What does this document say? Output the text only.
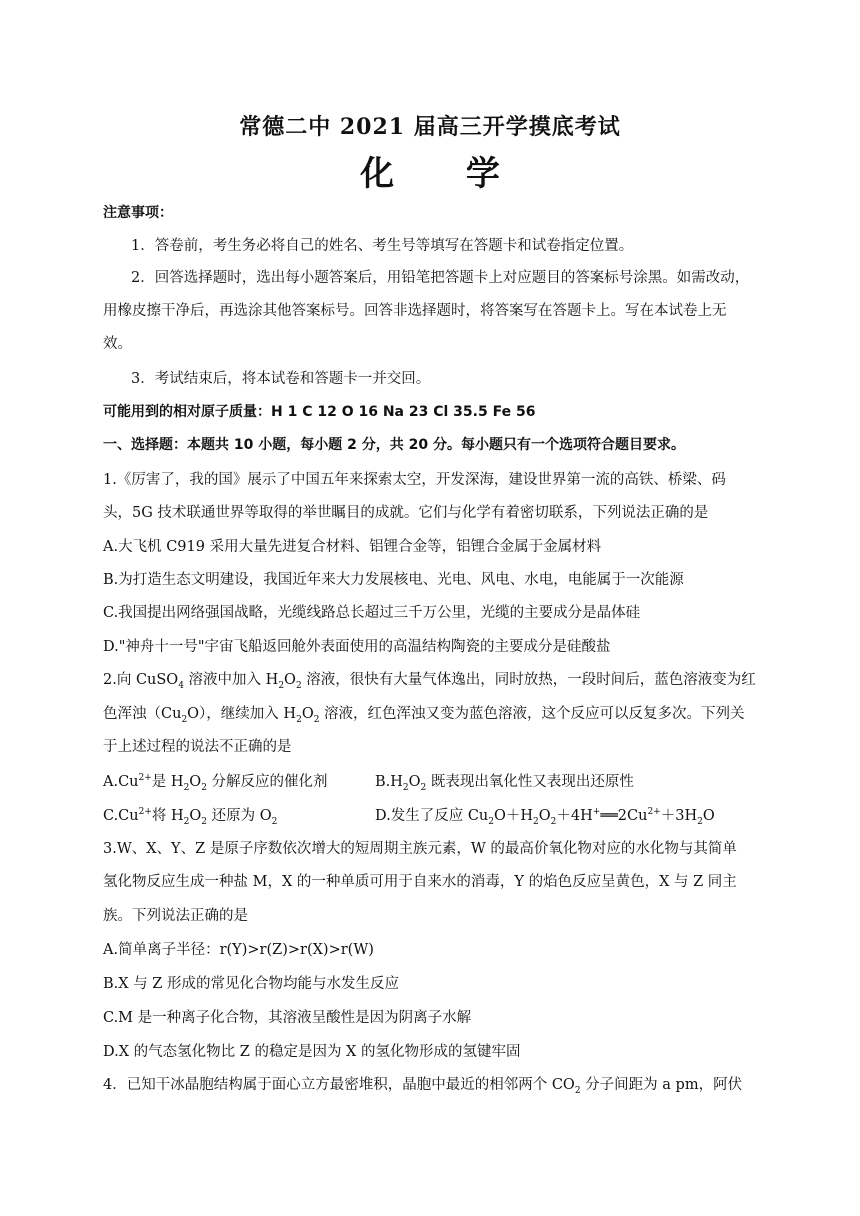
常德二中 2021 届高三开学摸底考试
化 学
注意事项：
1．答卷前，考生务必将自己的姓名、考生号等填写在答题卡和试卷指定位置。
2．回答选择题时，选出每小题答案后，用铅笔把答题卡上对应题目的答案标号涂黑。如需改动，
用橡皮擦干净后，再选涂其他答案标号。回答非选择题时，将答案写在答题卡上。写在本试卷上无
效。
3．考试结束后，将本试卷和答题卡一并交回。
可能用到的相对原子质量：H 1 C 12 O 16 Na 23 Cl 35.5 Fe 56
一、选择题：本题共 10 小题，每小题 2 分，共 20 分。每小题只有一个选项符合题目要求。
1.《厉害了，我的国》展示了中国五年来探索太空，开发深海，建设世界第一流的高铁、桥梁、码
头，5G 技术联通世界等取得的举世瞩目的成就。它们与化学有着密切联系，下列说法正确的是
A.大飞机 C919 采用大量先进复合材料、铝锂合金等，铝锂合金属于金属材料
B.为打造生态文明建设，我国近年来大力发展核电、光电、风电、水电，电能属于一次能源
C.我国提出网络强国战略，光缆线路总长超过三千万公里，光缆的主要成分是晶体硅
D."神舟十一号"宇宙飞船返回舱外表面使用的高温结构陶瓷的主要成分是硅酸盐
2.向 CuSO$_4$ 溶液中加入 $H_2O_2$ 溶液，很快有大量气体逸出，同时放热，一段时间后，蓝色溶液变为红
色浑浊$(Cu_2O)$，继续加入 $H_2O_2$ 溶液，红色浑浊又变为蓝色溶液，这个反应可以反复多次。下列关
于上述过程的说法不正确的是
$A.Cu^{2+}$是 $H_2O_2$ 分解反应的催化剂	$B.H_2O_2$ 既表现出氧化性又表现出还原性
$C.Cu^{2+}$将 $H_2O_2$ 还原为 $O_2$	D.发生了反应 $Cu_2O+H_2O_2+4H^+══2Cu^{2+}+3H_2O$
3.W、X、Y、Z 是原子序数依次增大的短周期主族元素，W 的最高价氧化物对应的水化物与其简单
氢化物反应生成一种盐 M，X 的一种单质可用于自来水的消毒，Y 的焰色反应呈黄色，X 与 Z 同主
族。下列说法正确的是
A.简单离子半径：r(Y)>r(Z)>r(X)>r(W)
B.X 与 Z 形成的常见化合物均能与水发生反应
C.M 是一种离子化合物，其溶液呈酸性是因为阴离子水解
D.X 的气态氢化物比 Z 的稳定是因为 X 的氢化物形成的氢键牢固
4．已知干冰晶胞结构属于面心立方最密堆积，晶胞中最近的相邻两个 $CO_2$ 分子间距为 a pm，阿伏
